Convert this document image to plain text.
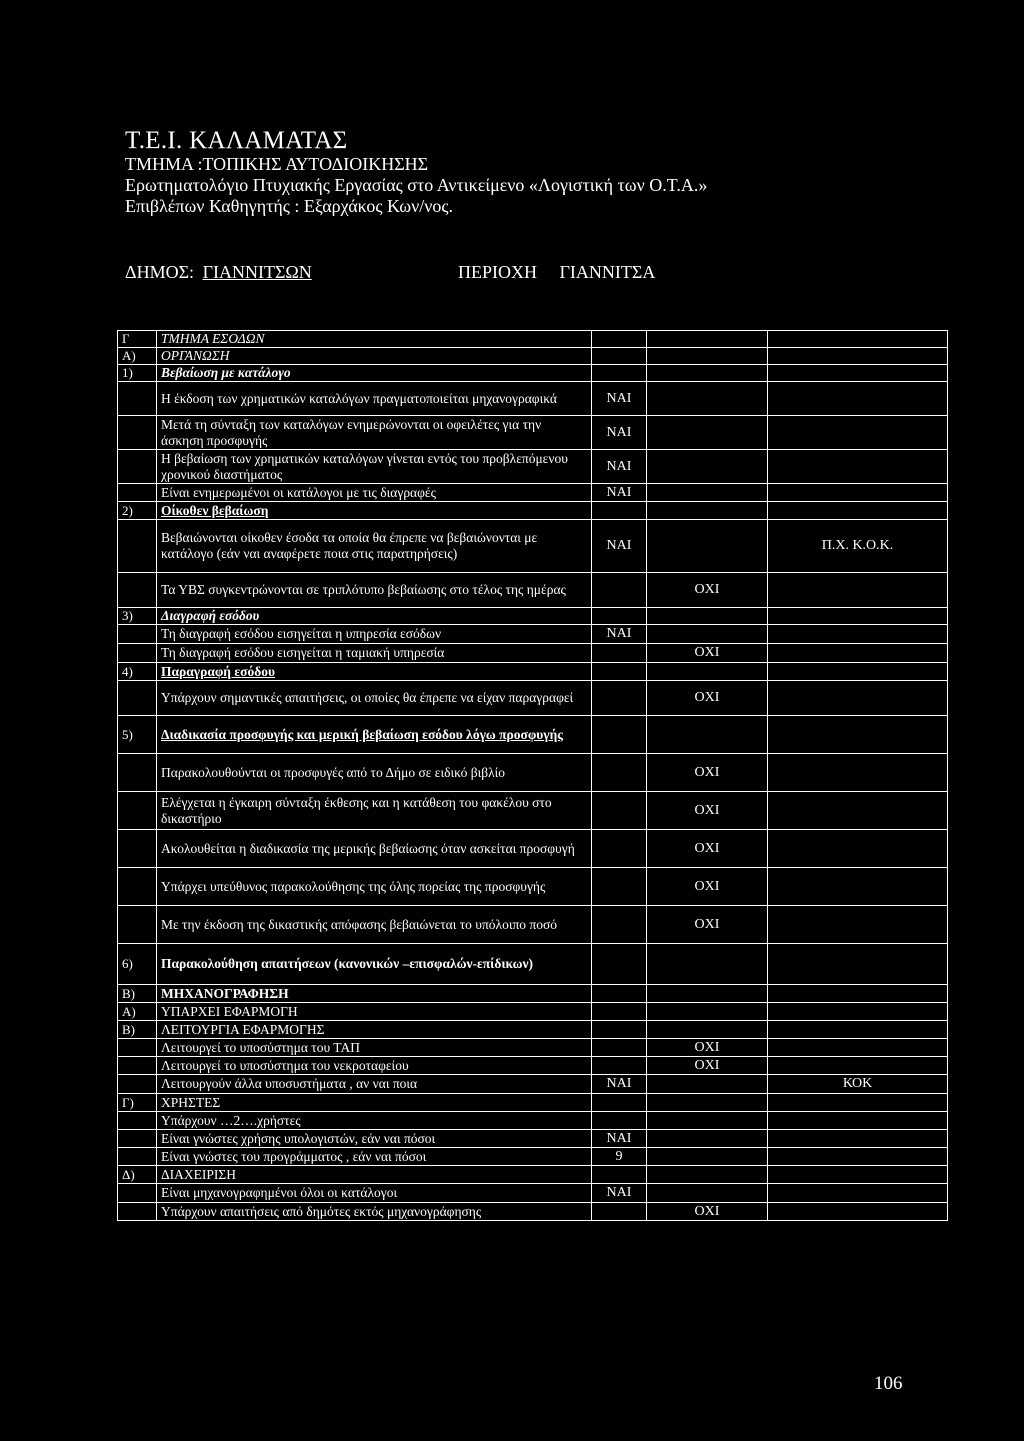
Τ.Ε.Ι. ΚΑΛΑΜΑΤΑΣ
ΤΜΗΜΑ :ΤΟΠΙΚΗΣ ΑΥΤΟΔΙΟΙΚΗΣΗΣ
Ερωτηματολόγιο Πτυχιακής Εργασίας στο Αντικείμενο «Λογιστική των Ο.Τ.Α.»
Επιβλέπων Καθηγητής : Εξαρχάκος Κων/νος.
ΔΗΜΟΣ: ΓΙΑΝΝΙΤΣΩΝ	ΠΕΡΙΟΧΗ ΓΙΑΝΝΙΤΣΑ
Γ	ΤΜΗΜΑ ΕΣΟΔΩΝ			
Α)	ΟΡΓΑΝΩΣΗ			
1)	Βεβαίωση με κατάλογο			
	Η έκδοση των χρηματικών καταλόγων πραγματοποιείται μηχανογραφικά	ΝΑΙ		
	Μετά τη σύνταξη των καταλόγων ενημερώνονται οι οφειλέτες για την άσκηση προσφυγής	ΝΑΙ		
	Η βεβαίωση των χρηματικών καταλόγων γίνεται εντός του προβλεπόμενου χρονικού διαστήματος	ΝΑΙ		
	Είναι ενημερωμένοι οι κατάλογοι με τις διαγραφές	ΝΑΙ		
2)	Οίκοθεν βεβαίωση			
	Βεβαιώνονται οίκοθεν έσοδα τα οποία θα έπρεπε να βεβαιώνονται με κατάλογο (εάν ναι αναφέρετε ποια στις παρατηρήσεις)	ΝΑΙ		Π.Χ. Κ.Ο.Κ.
	Τα ΥΒΣ συγκεντρώνονται σε τριπλότυπο βεβαίωσης στο τέλος της ημέρας		ΟΧΙ	
3)	Διαγραφή εσόδου			
	Τη διαγραφή εσόδου εισηγείται η υπηρεσία εσόδων	ΝΑΙ		
	Τη διαγραφή εσόδου εισηγείται η ταμιακή υπηρεσία		ΟΧΙ	
4)	Παραγραφή εσόδου			
	Υπάρχουν σημαντικές απαιτήσεις, οι οποίες θα έπρεπε να είχαν παραγραφεί		ΟΧΙ	
5)	Διαδικασία προσφυγής και μερική βεβαίωση εσόδου λόγω προσφυγής			
	Παρακολουθούνται οι προσφυγές από το Δήμο σε ειδικό βιβλίο		ΟΧΙ	
	Ελέγχεται η έγκαιρη σύνταξη έκθεσης και η κατάθεση του φακέλου στο δικαστήριο		ΟΧΙ	
	Ακολουθείται η διαδικασία της μερικής βεβαίωσης όταν ασκείται προσφυγή		ΟΧΙ	
	Υπάρχει υπεύθυνος παρακολούθησης της όλης πορείας της προσφυγής		ΟΧΙ	
	Με την έκδοση της δικαστικής απόφασης βεβαιώνεται το υπόλοιπο ποσό		ΟΧΙ	
6)	Παρακολούθηση απαιτήσεων (κανονικών –επισφαλών-επίδικων)			
Β)	ΜΗΧΑΝΟΓΡΑΦΗΣΗ			
Α)	ΥΠΑΡΧΕΙ ΕΦΑΡΜΟΓΗ			
Β)	ΛΕΙΤΟΥΡΓΙΑ ΕΦΑΡΜΟΓΗΣ			
	Λειτουργεί το υποσύστημα του ΤΑΠ		ΟΧΙ	
	Λειτουργεί το υποσύστημα του νεκροταφείου		ΟΧΙ	
	Λειτουργούν άλλα υποσυστήματα , αν ναι ποια	ΝΑΙ		ΚΟΚ
Γ)	ΧΡΗΣΤΕΣ			
	Υπάρχουν …2….χρήστες			
	Είναι γνώστες χρήσης υπολογιστών, εάν ναι πόσοι	ΝΑΙ		
	Είναι γνώστες του προγράμματος , εάν ναι πόσοι	9		
Δ)	ΔΙΑΧΕΙΡΙΣΗ			
	Είναι μηχανογραφημένοι όλοι οι κατάλογοι	ΝΑΙ		
	Υπάρχουν απαιτήσεις από δημότες εκτός μηχανογράφησης		ΟΧΙ	
106
